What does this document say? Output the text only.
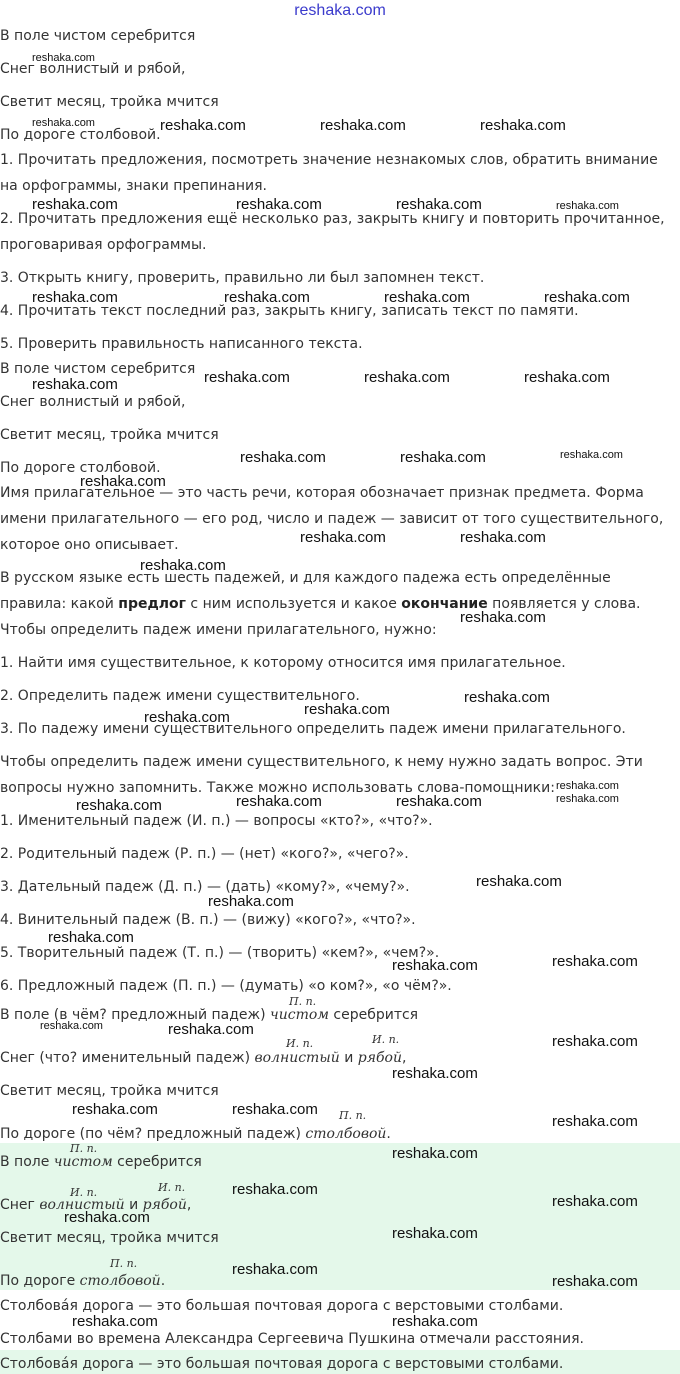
reshaka.com
В поле чистом серебрится
Снег волнистый и рябой,
Светит месяц, тройка мчится
По дороге столбовой.
1. Прочитать предложения, посмотреть значение незнакомых слов, обратить внимание
на орфограммы, знаки препинания.
2. Прочитать предложения ещё несколько раз, закрыть книгу и повторить прочитанное,
проговаривая орфограммы.
3. Открыть книгу, проверить, правильно ли был запомнен текст.
4. Прочитать текст последний раз, закрыть книгу, записать текст по памяти.
5. Проверить правильность написанного текста.
В поле чистом серебрится
Снег волнистый и рябой,
Светит месяц, тройка мчится
По дороге столбовой.
Имя прилагательное — это часть речи, которая обозначает признак предмета. Форма
имени прилагательного — его род, число и падеж — зависит от того существительного,
которое оно описывает.
В русском языке есть шесть падежей, и для каждого падежа есть определённые
правила: какой предлог с ним используется и какое окончание появляется у слова.
Чтобы определить падеж имени прилагательного, нужно:
1. Найти имя существительное, к которому относится имя прилагательное.
2. Определить падеж имени существительного.
3. По падежу имени существительного определить падеж имени прилагательного.
Чтобы определить падеж имени существительного, к нему нужно задать вопрос. Эти
вопросы нужно запомнить. Также можно использовать слова-помощники:
1. Именительный падеж (И. п.) — вопросы «кто?», «что?».
2. Родительный падеж (Р. п.) — (нет) «кого?», «чего?».
3. Дательный падеж (Д. п.) — (дать) «кому?», «чему?».
4. Винительный падеж (В. п.) — (вижу) «кого?», «что?».
5. Творительный падеж (Т. п.) — (творить) «кем?», «чем?».
6. Предложный падеж (П. п.) — (думать) «о ком?», «о чём?».
П. п.
В поле (в чём? предложный падеж) чистом серебрится
И. п.	И. п.
Снег (что? именительный падеж) волнистый и рябой,
Светит месяц, тройка мчится
П. п.
По дороге (по чём? предложный падеж) столбовой.
П. п.
В поле чистом серебрится
И. п.	И. п.
Снег волнистый и рябой,
Светит месяц, тройка мчится
П. п.
По дороге столбовой.
Столбова́я дорога — это большая почтовая дорога с верстовыми столбами.
Столбами во времена Александра Сергеевича Пушкина отмечали расстояния.
Столбова́я дорога — это большая почтовая дорога с верстовыми столбами.
reshaka.com
reshaka.com	reshaka.com	reshaka.com	reshaka.com
reshaka.com	reshaka.com	reshaka.com	reshaka.com
reshaka.com	reshaka.com	reshaka.com	reshaka.com
reshaka.com	reshaka.com	reshaka.com	reshaka.com
reshaka.com	reshaka.com	reshaka.com
reshaka.com
reshaka.com	reshaka.com
reshaka.com
reshaka.com
reshaka.com
reshaka.com
reshaka.com
reshaka.com
reshaka.com	reshaka.com	reshaka.com	reshaka.com
reshaka.com
reshaka.com
reshaka.com
reshaka.com	reshaka.com
reshaka.com	reshaka.com
reshaka.com
reshaka.com
reshaka.com	reshaka.com
reshaka.com
reshaka.com
reshaka.com
reshaka.com
reshaka.com
reshaka.com
reshaka.com
reshaka.com
reshaka.com	reshaka.com
